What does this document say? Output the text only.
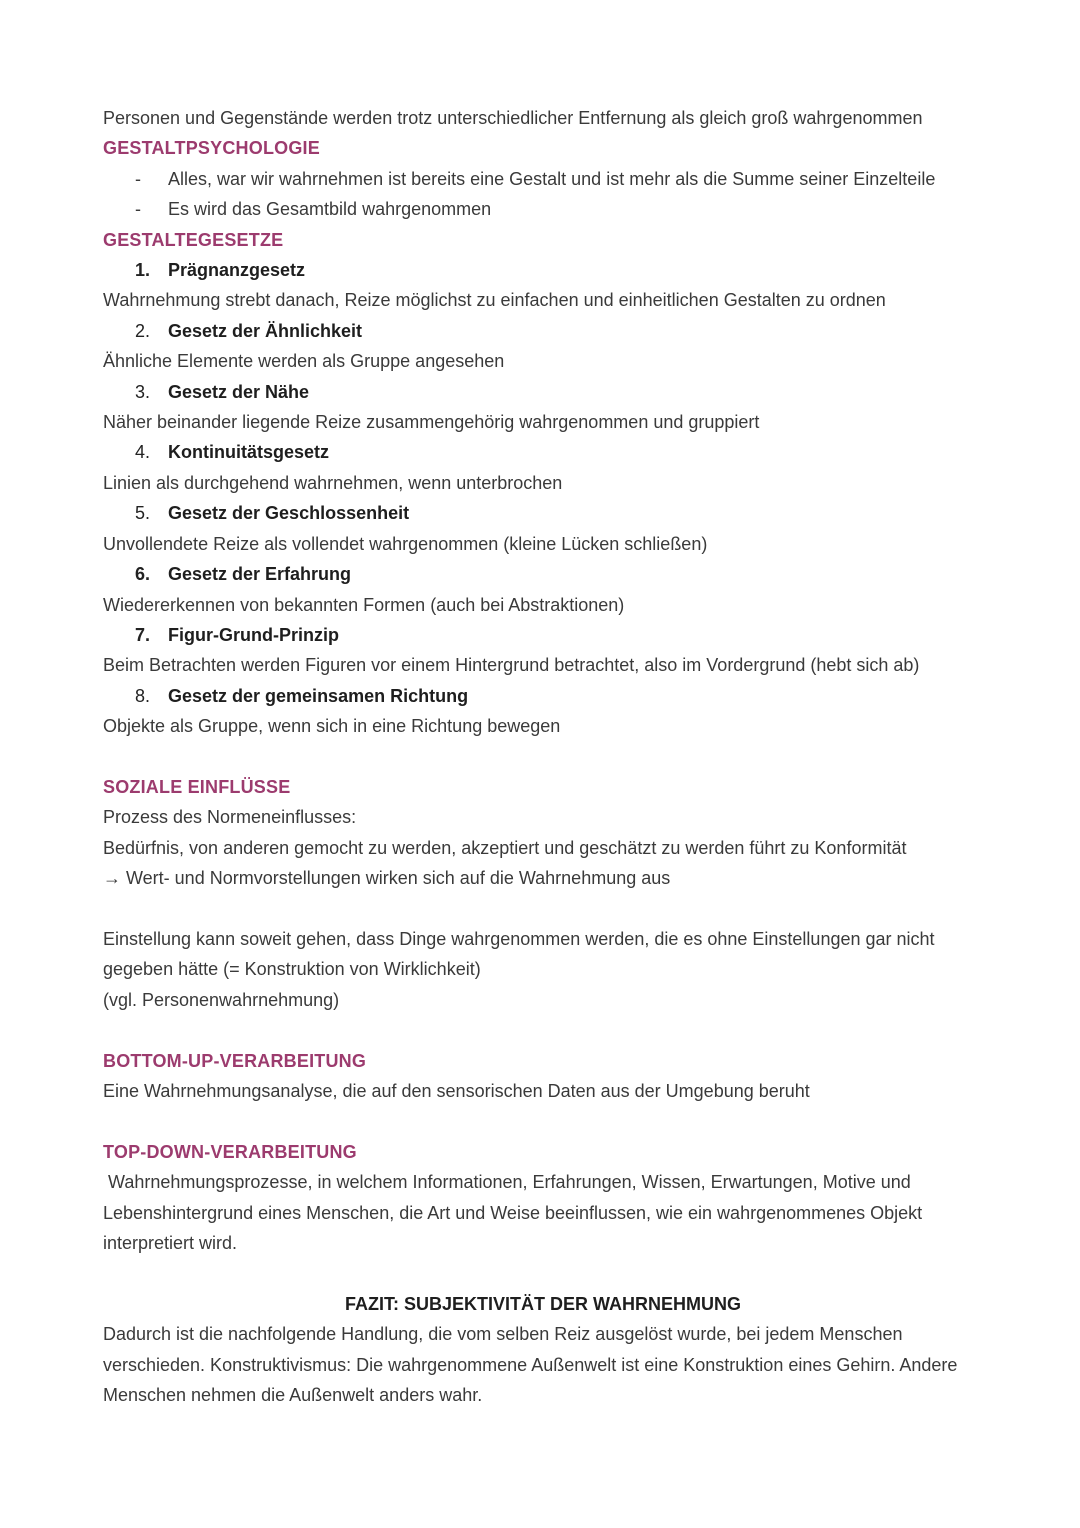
Personen und Gegenstände werden trotz unterschiedlicher Entfernung als gleich groß wahrgenommen
GESTALTPSYCHOLOGIE
-	Alles, war wir wahrnehmen ist bereits eine Gestalt und ist mehr als die Summe seiner Einzelteile
-	Es wird das Gesamtbild wahrgenommen
GESTALTEGESETZE
1. Prägnanzgesetz
Wahrnehmung strebt danach, Reize möglichst zu einfachen und einheitlichen Gestalten zu ordnen
2. Gesetz der Ähnlichkeit
Ähnliche Elemente werden als Gruppe angesehen
3. Gesetz der Nähe
Näher beinander liegende Reize zusammengehörig wahrgenommen und gruppiert
4. Kontinuitätsgesetz
Linien als durchgehend wahrnehmen, wenn unterbrochen
5. Gesetz der Geschlossenheit
Unvollendete Reize als vollendet wahrgenommen (kleine Lücken schließen)
6. Gesetz der Erfahrung
Wiedererkennen von bekannten Formen (auch bei Abstraktionen)
7. Figur-Grund-Prinzip
Beim Betrachten werden Figuren vor einem Hintergrund betrachtet, also im Vordergrund (hebt sich ab)
8. Gesetz der gemeinsamen Richtung
Objekte als Gruppe, wenn sich in eine Richtung bewegen
SOZIALE EINFLÜSSE
Prozess des Normeneinflusses:
Bedürfnis, von anderen gemocht zu werden, akzeptiert und geschätzt zu werden führt zu Konformität
→ Wert- und Normvorstellungen wirken sich auf die Wahrnehmung aus
Einstellung kann soweit gehen, dass Dinge wahrgenommen werden, die es ohne Einstellungen gar nicht gegeben hätte (= Konstruktion von Wirklichkeit)
(vgl. Personenwahrnehmung)
BOTTOM-UP-VERARBEITUNG
Eine Wahrnehmungsanalyse, die auf den sensorischen Daten aus der Umgebung beruht
TOP-DOWN-VERARBEITUNG
Wahrnehmungsprozesse, in welchem Informationen, Erfahrungen, Wissen, Erwartungen, Motive und Lebenshintergrund eines Menschen, die Art und Weise beeinflussen, wie ein wahrgenommenes Objekt interpretiert wird.
FAZIT: SUBJEKTIVITÄT DER WAHRNEHMUNG
Dadurch ist die nachfolgende Handlung, die vom selben Reiz ausgelöst wurde, bei jedem Menschen verschieden. Konstruktivismus: Die wahrgenommene Außenwelt ist eine Konstruktion eines Gehirn. Andere Menschen nehmen die Außenwelt anders wahr.
